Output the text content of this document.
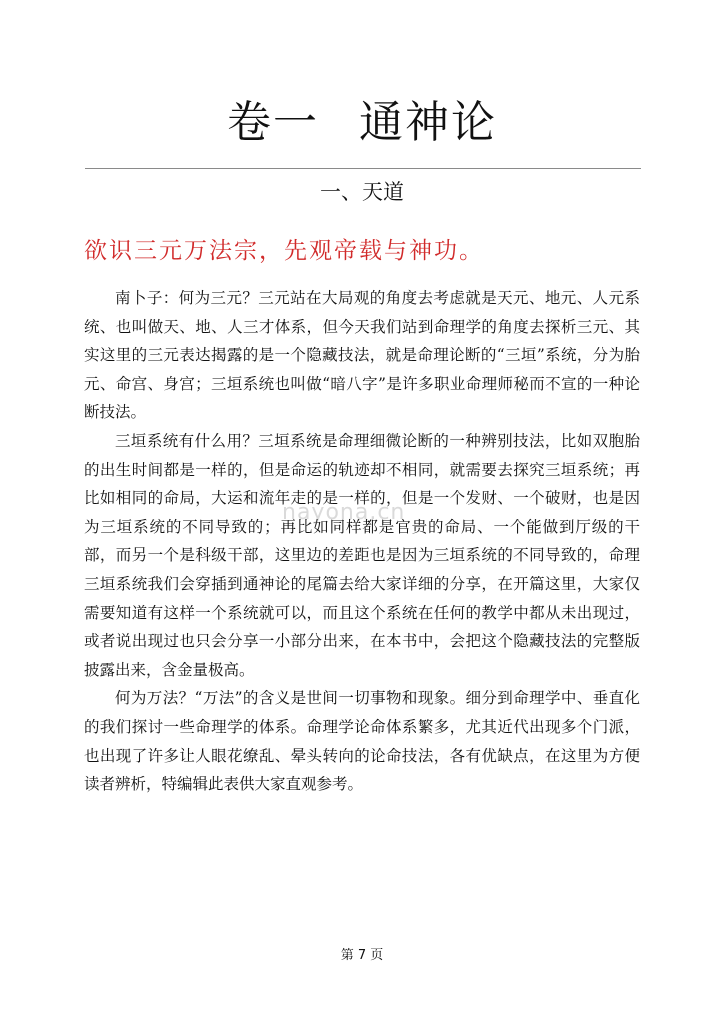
卷一 通神论
一、天道
欲识三元万法宗，先观帝载与神功。

南卜子：何为三元？三元站在大局观的角度去考虑就是天元、地元、人元系统、也叫做天、地、人三才体系，但今天我们站到命理学的角度去探析三元、其实这里的三元表达揭露的是一个隐藏技法，就是命理论断的“三垣”系统，分为胎元、命宫、身宫；三垣系统也叫做“暗八字”是许多职业命理师秘而不宣的一种论断技法。

三垣系统有什么用？三垣系统是命理细微论断的一种辨别技法，比如双胞胎的出生时间都是一样的，但是命运的轨迹却不相同，就需要去探究三垣系统；再比如相同的命局，大运和流年走的是一样的，但是一个发财、一个破财，也是因为三垣系统的不同导致的；再比如同样都是官贵的命局、一个能做到厅级的干部，而另一个是科级干部，这里边的差距也是因为三垣系统的不同导致的，命理三垣系统我们会穿插到通神论的尾篇去给大家详细的分享，在开篇这里，大家仅需要知道有这样一个系统就可以，而且这个系统在任何的教学中都从未出现过，或者说出现过也只会分享一小部分出来，在本书中，会把这个隐藏技法的完整版披露出来，含金量极高。

何为万法？“万法”的含义是世间一切事物和现象。细分到命理学中、垂直化的我们探讨一些命理学的体系。命理学论命体系繁多，尤其近代出现多个门派，也出现了许多让人眼花缭乱、晕头转向的论命技法，各有优缺点，在这里为方便读者辨析，特编辑此表供大家直观参考。

nayona.cn
第 7 页
